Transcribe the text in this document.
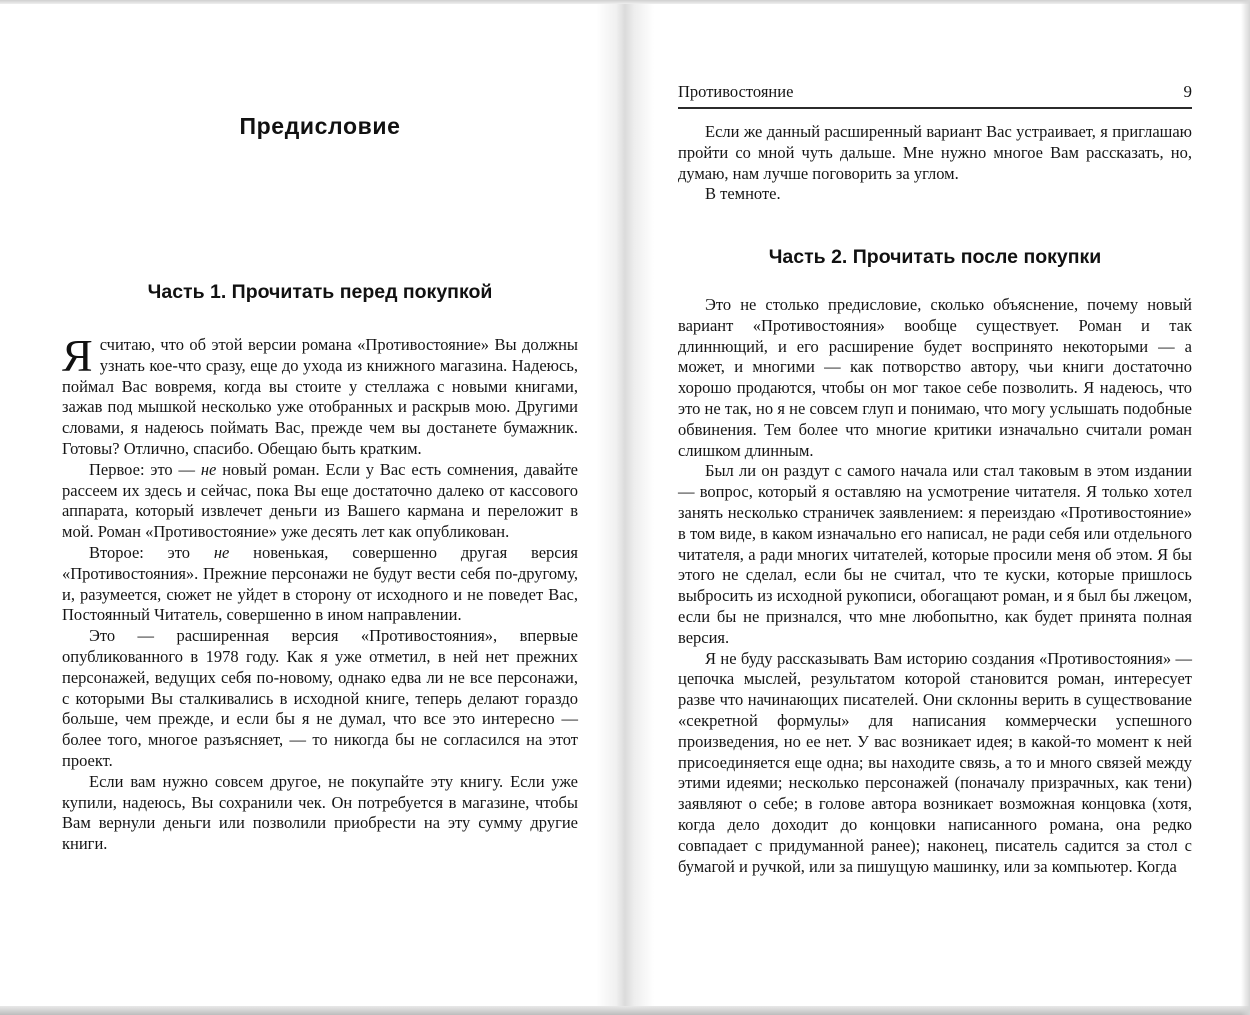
Предисловие
Часть 1. Прочитать перед покупкой

Ясчитаю, что об этой версии романа «Противостояние» Вы должны узнать кое-что сразу, еще до ухода из книжного магазина. Надеюсь, поймал Вас вовремя, когда вы стоите у стеллажа с новыми книгами, зажав под мышкой несколько уже отобранных и раскрыв мою. Другими словами, я надеюсь поймать Вас, прежде чем вы достанете бумажник. Готовы? Отлично, спасибо. Обещаю быть кратким.

Первое: это — не новый роман. Если у Вас есть сомнения, давайте рассеем их здесь и сейчас, пока Вы еще достаточно далеко от кассового аппарата, который извлечет деньги из Вашего кармана и переложит в мой. Роман «Противостояние» уже десять лет как опубликован.

Второе: это не новенькая, совершенно другая версия «Противостояния». Прежние персонажи не будут вести себя по-другому, и, разумеется, сюжет не уйдет в сторону от исходного и не поведет Вас, Постоянный Читатель, совершенно в ином направлении.

Это — расширенная версия «Противостояния», впервые опубликованного в 1978 году. Как я уже отметил, в ней нет прежних персонажей, ведущих себя по-новому, однако едва ли не все персонажи, с которыми Вы сталкивались в исходной книге, теперь делают гораздо больше, чем прежде, и если бы я не думал, что все это интересно — более того, многое разъясняет, — то никогда бы не согласился на этот проект.

Если вам нужно совсем другое, не покупайте эту книгу. Если уже купили, надеюсь, Вы сохранили чек. Он потребуется в магазине, чтобы Вам вернули деньги или позволили приобрести на эту сумму другие книги.

Противостояние	9

Если же данный расширенный вариант Вас устраивает, я приглашаю пройти со мной чуть дальше. Мне нужно многое Вам рассказать, но, думаю, нам лучше поговорить за углом.

В темноте.

Часть 2. Прочитать после покупки

Это не столько предисловие, сколько объяснение, почему новый вариант «Противостояния» вообще существует. Роман и так длиннющий, и его расширение будет воспринято некоторыми — а может, и многими — как потворство автору, чьи книги достаточно хорошо продаются, чтобы он мог такое себе позволить. Я надеюсь, что это не так, но я не совсем глуп и понимаю, что могу услышать подобные обвинения. Тем более что многие критики изначально считали роман слишком длинным.

Был ли он раздут с самого начала или стал таковым в этом издании — вопрос, который я оставляю на усмотрение читателя. Я только хотел занять несколько страничек заявлением: я переиздаю «Противостояние» в том виде, в каком изначально его написал, не ради себя или отдельного читателя, а ради многих читателей, которые просили меня об этом. Я бы этого не сделал, если бы не считал, что те куски, которые пришлось выбросить из исходной рукописи, обогащают роман, и я был бы лжецом, если бы не признался, что мне любопытно, как будет принята полная версия.

Я не буду рассказывать Вам историю создания «Противостояния» — цепочка мыслей, результатом которой становится роман, интересует разве что начинающих писателей. Они склонны верить в существование «секретной формулы» для написания коммерчески успешного произведения, но ее нет. У вас возникает идея; в какой-то момент к ней присоединяется еще одна; вы находите связь, а то и много связей между этими идеями; несколько персонажей (поначалу призрачных, как тени) заявляют о себе; в голове автора возникает возможная концовка (хотя, когда дело доходит до концовки написанного романа, она редко совпадает с придуманной ранее); наконец, писатель садится за стол с бумагой и ручкой, или за пишущую машинку, или за компьютер. Когда
